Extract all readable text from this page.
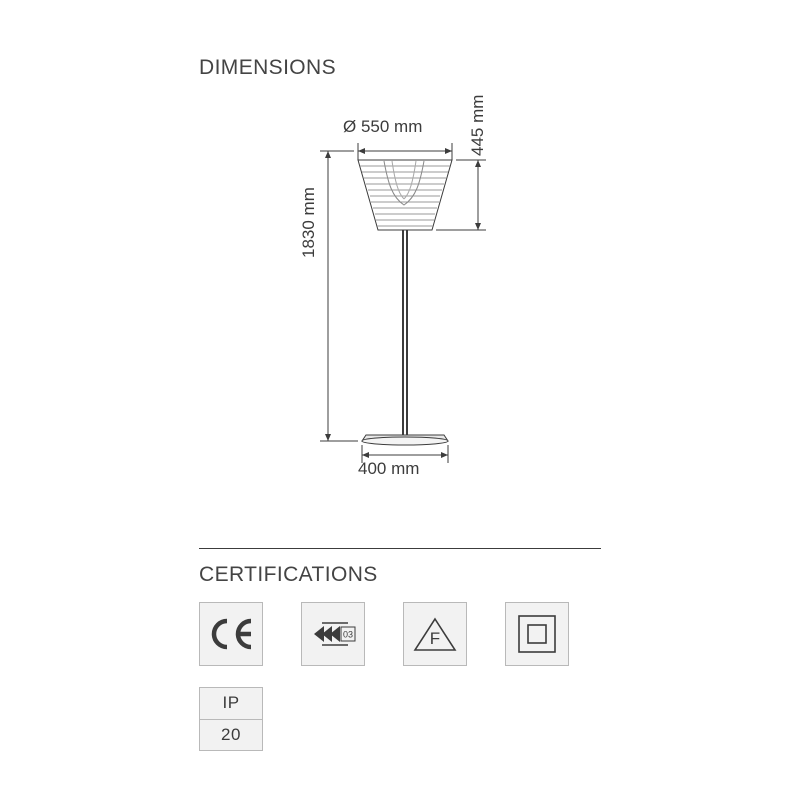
DIMENSIONS
Ø 550 mm
400 mm
1830 mm
445 mm
CERTIFICATIONS
03	F
IP
20
